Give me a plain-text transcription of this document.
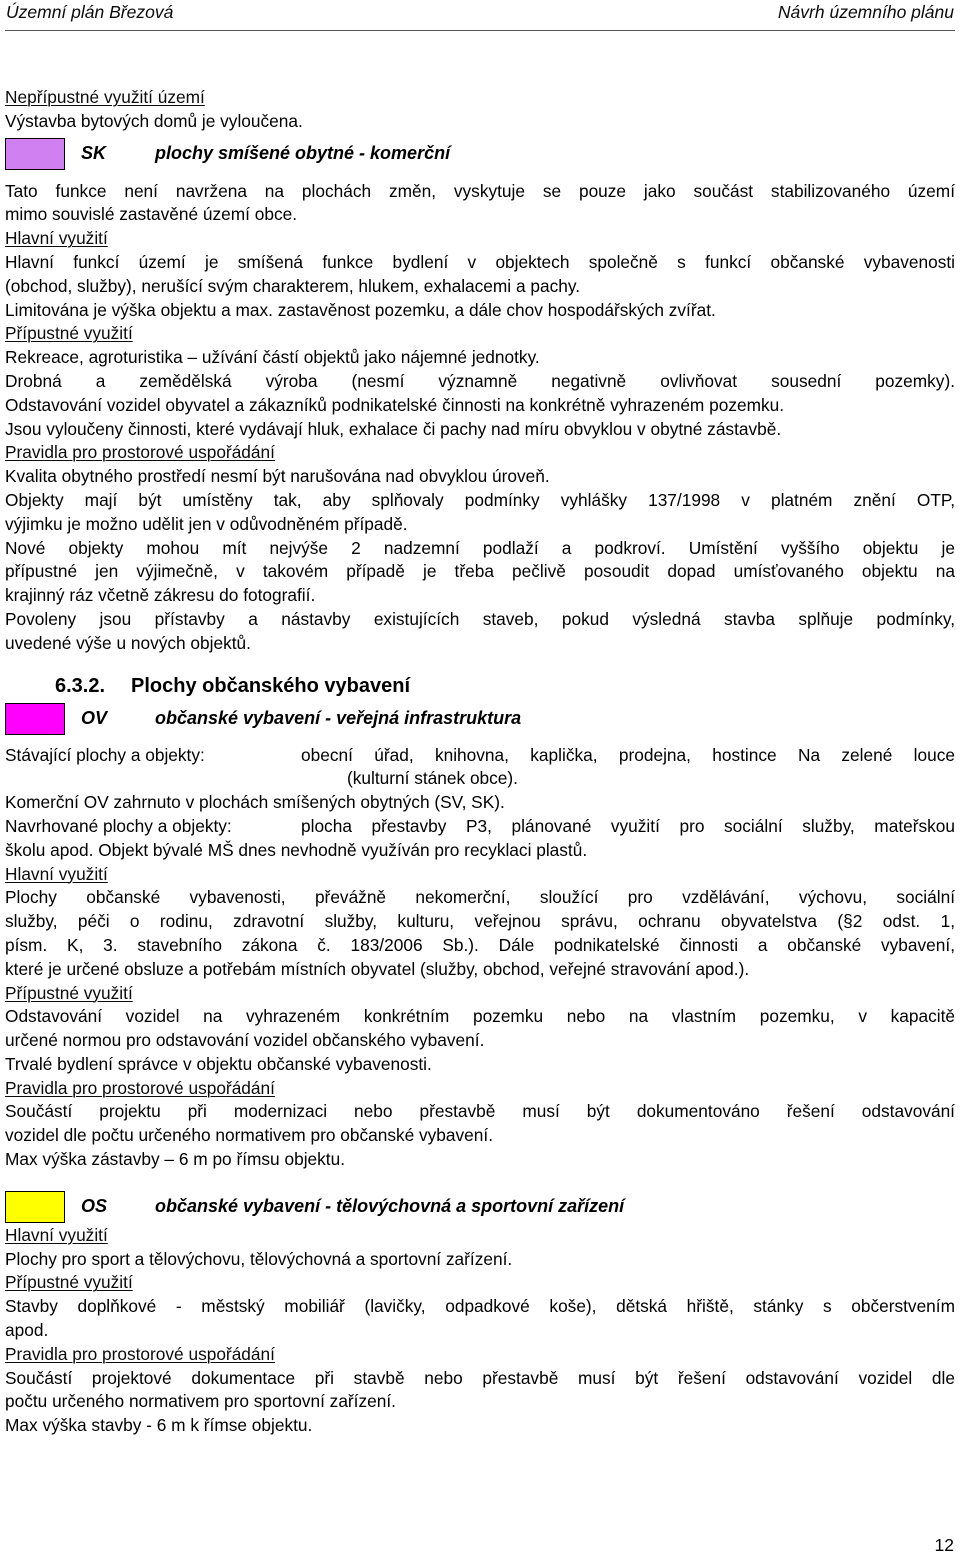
Územní plán Březová	Návrh územního plánu

Nepřípustné využití území

Výstavba bytových domů je vyloučena.

SK	plochy smíšené obytné - komerční

Tato funkce není navržena na plochách změn, vyskytuje se pouze jako součást stabilizovaného území

mimo souvislé zastavěné území obce.

Hlavní využití

Hlavní funkcí území je smíšená funkce bydlení v objektech společně s funkcí občanské vybavenosti

(obchod, služby), nerušící svým charakterem, hlukem, exhalacemi a pachy.

Limitována je výška objektu a max. zastavěnost pozemku, a dále chov hospodářských zvířat.

Přípustné využití

Rekreace, agroturistika – užívání částí objektů jako nájemné jednotky.

Drobná a zemědělská výroba (nesmí významně negativně ovlivňovat sousední pozemky).

Odstavování vozidel obyvatel a zákazníků podnikatelské činnosti na konkrétně vyhrazeném pozemku.

Jsou vyloučeny činnosti, které vydávají hluk, exhalace či pachy nad míru obvyklou v obytné zástavbě.

Pravidla pro prostorové uspořádání

Kvalita obytného prostředí nesmí být narušována nad obvyklou úroveň.

Objekty mají být umístěny tak, aby splňovaly podmínky vyhlášky 137/1998 v platném znění OTP,

výjimku je možno udělit jen v odůvodněném případě.

Nové objekty mohou mít nejvýše 2 nadzemní podlaží a podkroví. Umístění vyššího objektu je

přípustné jen výjimečně, v takovém případě je třeba pečlivě posoudit dopad umísťovaného objektu na

krajinný ráz včetně zákresu do fotografií.

Povoleny jsou přístavby a nástavby existujících staveb, pokud výsledná stavba splňuje podmínky,

uvedené výše u nových objektů.

6.3.2.	Plochy občanského vybavení
OV	občanské vybavení - veřejná infrastruktura
Stávající plochy a objekty:	obecní úřad, knihovna, kaplička, prodejna, hostince Na zelené louce
(kulturní stánek obce).

Komerční OV zahrnuto v plochách smíšených obytných (SV, SK).

Navrhované plochy a objekty:	plocha přestavby P3, plánované využití pro sociální služby, mateřskou

školu apod. Objekt bývalé MŠ dnes nevhodně využíván pro recyklaci plastů.

Hlavní využití

Plochy občanské vybavenosti, převážně nekomerční, sloužící pro vzdělávání, výchovu, sociální

služby, péči o rodinu, zdravotní služby, kulturu, veřejnou správu, ochranu obyvatelstva (§2 odst. 1,

písm. K, 3. stavebního zákona č. 183/2006 Sb.). Dále podnikatelské činnosti a občanské vybavení,

které je určené obsluze a potřebám místních obyvatel (služby, obchod, veřejné stravování apod.).

Přípustné využití

Odstavování vozidel na vyhrazeném konkrétním pozemku nebo na vlastním pozemku, v kapacitě

určené normou pro odstavování vozidel občanského vybavení.

Trvalé bydlení správce v objektu občanské vybavenosti.

Pravidla pro prostorové uspořádání

Součástí projektu při modernizaci nebo přestavbě musí být dokumentováno řešení odstavování

vozidel dle počtu určeného normativem pro občanské vybavení.

Max výška zástavby – 6 m po římsu objektu.

OS	občanské vybavení - tělovýchovná a sportovní zařízení

Hlavní využití

Plochy pro sport a tělovýchovu, tělovýchovná a sportovní zařízení.

Přípustné využití

Stavby doplňkové - městský mobiliář (lavičky, odpadkové koše), dětská hřiště, stánky s občerstvením

apod.

Pravidla pro prostorové uspořádání

Součástí projektové dokumentace při stavbě nebo přestavbě musí být řešení odstavování vozidel dle

počtu určeného normativem pro sportovní zařízení.

Max výška stavby - 6 m k římse objektu.

12
